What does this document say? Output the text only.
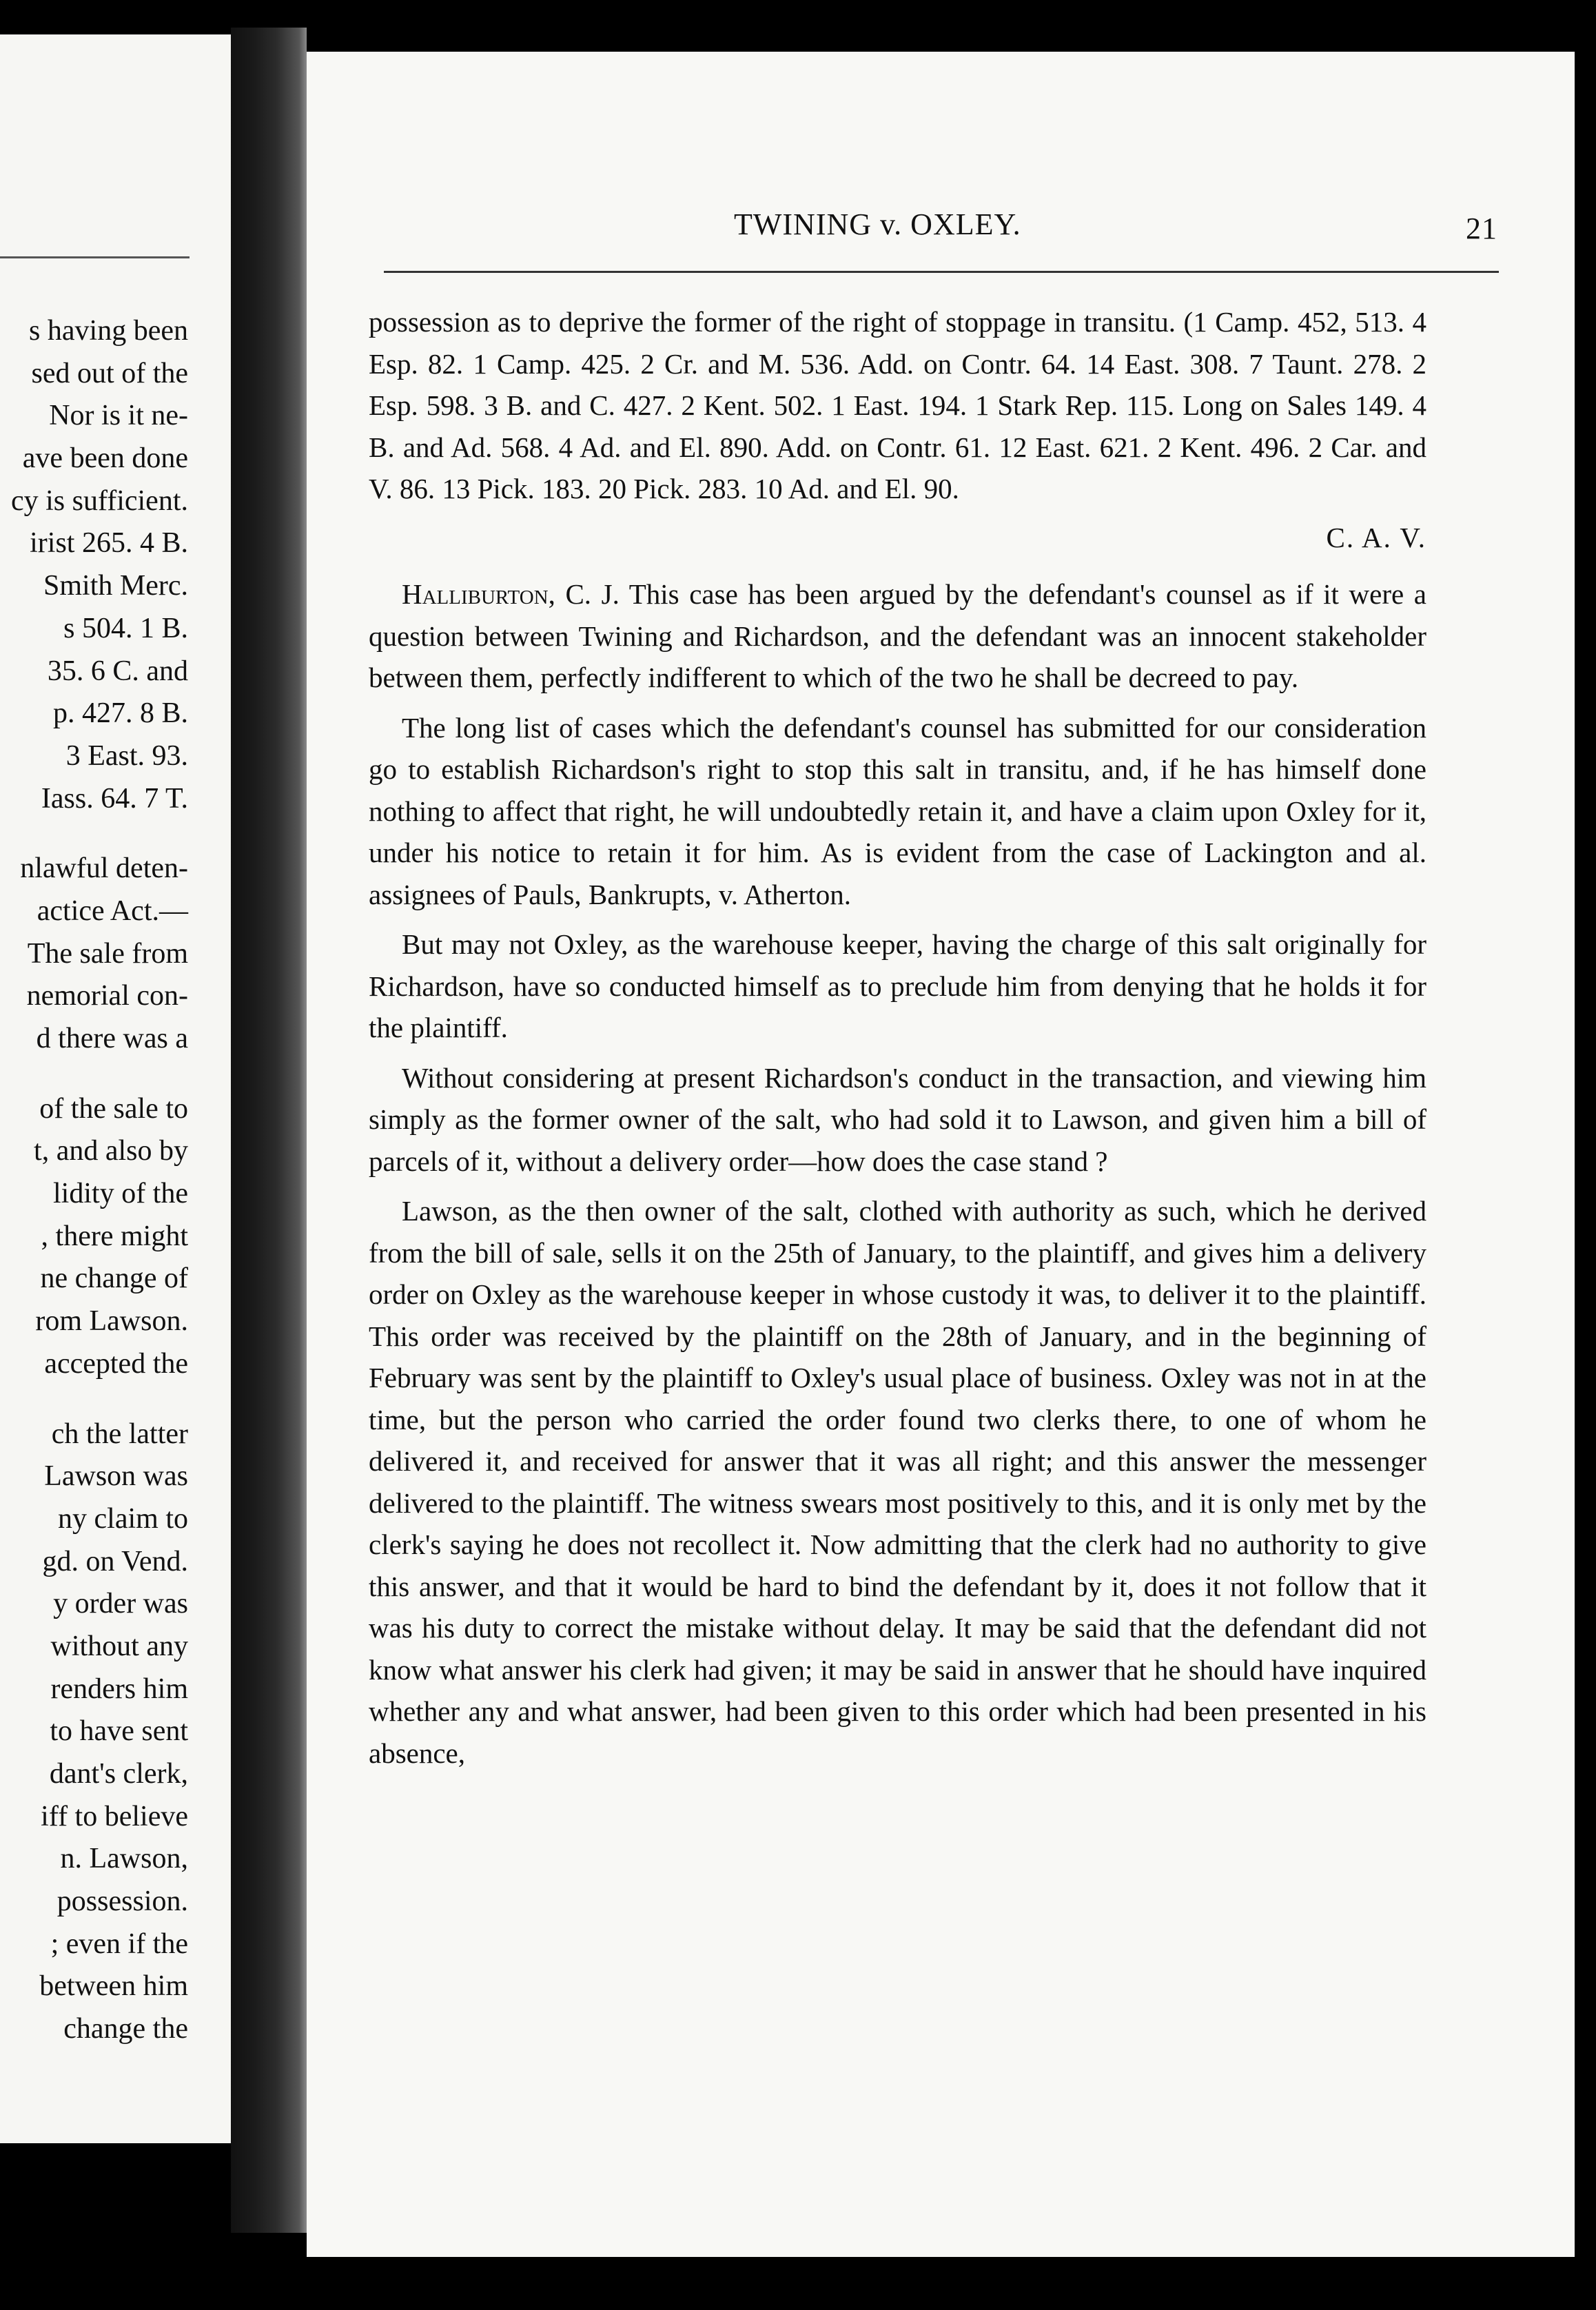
s having been
sed out of the
Nor is it ne-
ave been done
cy is sufficient.
irist 265. 4 B.
Smith Merc.
s 504. 1 B.
35. 6 C. and
p. 427. 8 B.
3 East. 93.
Iass. 64. 7 T.
nlawful deten-
actice Act.—
The sale from
nemorial con-
d there was a
of the sale to
t, and also by
lidity of the
, there might
ne change of
rom Lawson.
accepted the
ch the latter
Lawson was
ny claim to
gd. on Vend.
y order was
without any
renders him
to have sent
dant's clerk,
iff to believe
n. Lawson,
possession.
; even if the
between him
change the
TWINING v. OXLEY.	21

possession as to deprive the former of the right of stoppage in transitu. (1 Camp. 452, 513. 4 Esp. 82. 1 Camp. 425. 2 Cr. and M. 536. Add. on Contr. 64. 14 East. 308. 7 Taunt. 278. 2 Esp. 598. 3 B. and C. 427. 2 Kent. 502. 1 East. 194. 1 Stark Rep. 115. Long on Sales 149. 4 B. and Ad. 568. 4 Ad. and El. 890. Add. on Contr. 61. 12 East. 621. 2 Kent. 496. 2 Car. and V. 86. 13 Pick. 183. 20 Pick. 283. 10 Ad. and El. 90.

C. A. V.

Halliburton, C. J. This case has been argued by the defendant's counsel as if it were a question between Twining and Richardson, and the defendant was an innocent stakeholder between them, perfectly indifferent to which of the two he shall be decreed to pay.

The long list of cases which the defendant's counsel has submitted for our consideration go to establish Richardson's right to stop this salt in transitu, and, if he has himself done nothing to affect that right, he will undoubtedly retain it, and have a claim upon Oxley for it, under his notice to retain it for him. As is evident from the case of Lackington and al. assignees of Pauls, Bankrupts, v. Atherton.

But may not Oxley, as the warehouse keeper, having the charge of this salt originally for Richardson, have so conducted himself as to preclude him from denying that he holds it for the plaintiff.

Without considering at present Richardson's conduct in the transaction, and viewing him simply as the former owner of the salt, who had sold it to Lawson, and given him a bill of parcels of it, without a delivery order—how does the case stand ?

Lawson, as the then owner of the salt, clothed with authority as such, which he derived from the bill of sale, sells it on the 25th of January, to the plaintiff, and gives him a delivery order on Oxley as the warehouse keeper in whose custody it was, to deliver it to the plaintiff. This order was received by the plaintiff on the 28th of January, and in the beginning of February was sent by the plaintiff to Oxley's usual place of business. Oxley was not in at the time, but the person who carried the order found two clerks there, to one of whom he delivered it, and received for answer that it was all right; and this answer the messenger delivered to the plaintiff. The witness swears most positively to this, and it is only met by the clerk's saying he does not recollect it. Now admitting that the clerk had no authority to give this answer, and that it would be hard to bind the defendant by it, does it not follow that it was his duty to correct the mistake without delay. It may be said that the defendant did not know what answer his clerk had given; it may be said in answer that he should have inquired whether any and what answer, had been given to this order which had been presented in his absence,
